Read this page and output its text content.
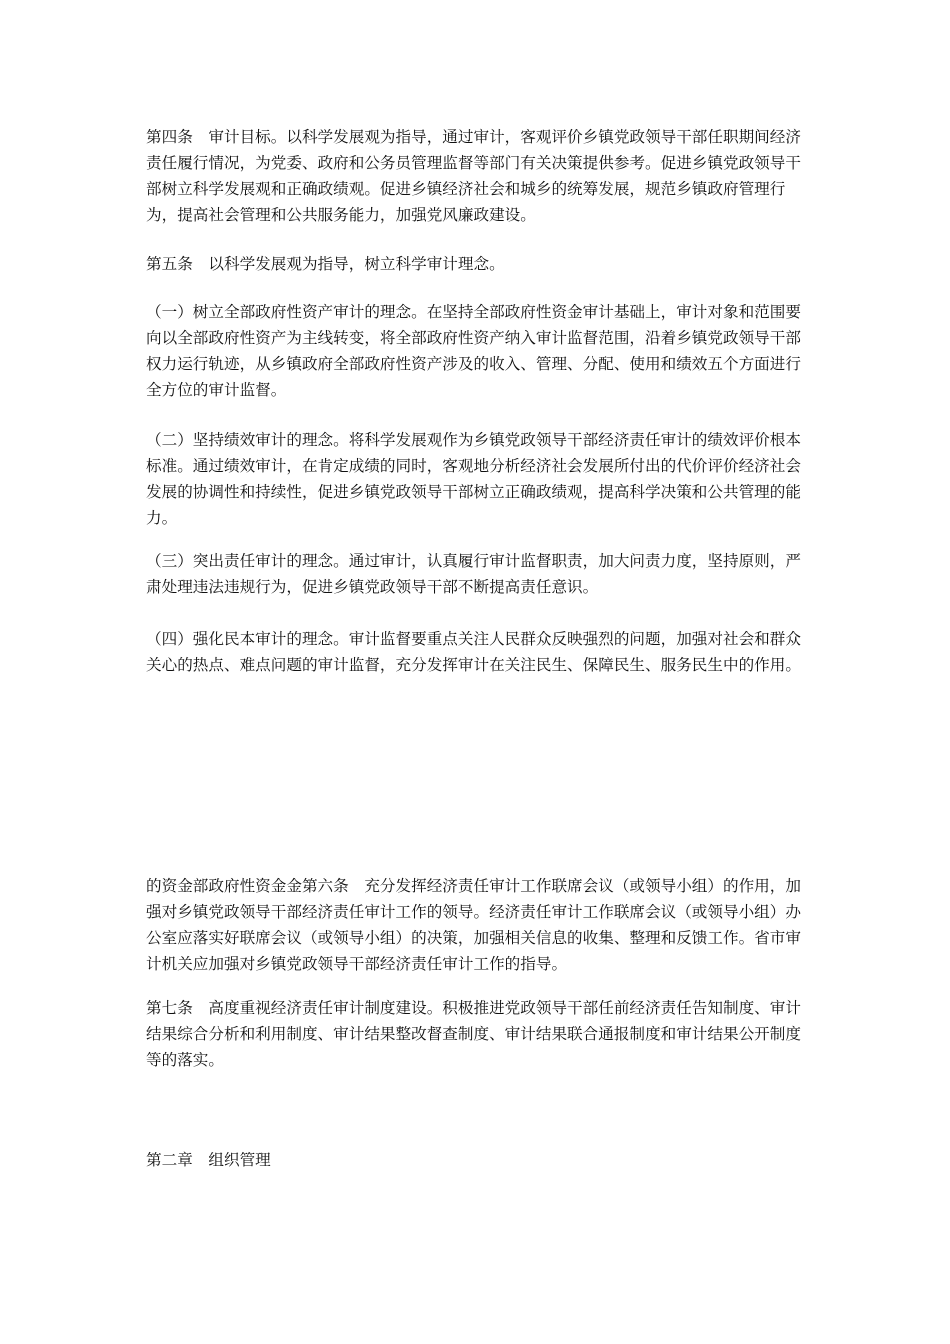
第四条　审计目标。以科学发展观为指导，通过审计，客观评价乡镇党政领导干部任职期间经济责任履行情况，为党委、政府和公务员管理监督等部门有关决策提供参考。促进乡镇党政领导干部树立科学发展观和正确政绩观。促进乡镇经济社会和城乡的统筹发展，规范乡镇政府管理行为，提高社会管理和公共服务能力，加强党风廉政建设。

第五条　以科学发展观为指导，树立科学审计理念。

（一）树立全部政府性资产审计的理念。在坚持全部政府性资金审计基础上，审计对象和范围要向以全部政府性资产为主线转变，将全部政府性资产纳入审计监督范围，沿着乡镇党政领导干部权力运行轨迹，从乡镇政府全部政府性资产涉及的收入、管理、分配、使用和绩效五个方面进行全方位的审计监督。

（二）坚持绩效审计的理念。将科学发展观作为乡镇党政领导干部经济责任审计的绩效评价根本标准。通过绩效审计，在肯定成绩的同时，客观地分析经济社会发展所付出的代价评价经济社会发展的协调性和持续性，促进乡镇党政领导干部树立正确政绩观，提高科学决策和公共管理的能力。

（三）突出责任审计的理念。通过审计，认真履行审计监督职责，加大问责力度，坚持原则，严肃处理违法违规行为，促进乡镇党政领导干部不断提高责任意识。

（四）强化民本审计的理念。审计监督要重点关注人民群众反映强烈的问题，加强对社会和群众关心的热点、难点问题的审计监督，充分发挥审计在关注民生、保障民生、服务民生中的作用。

的资金部政府性资金金第六条　充分发挥经济责任审计工作联席会议（或领导小组）的作用，加强对乡镇党政领导干部经济责任审计工作的领导。经济责任审计工作联席会议（或领导小组）办公室应落实好联席会议（或领导小组）的决策，加强相关信息的收集、整理和反馈工作。省市审计机关应加强对乡镇党政领导干部经济责任审计工作的指导。

第七条　高度重视经济责任审计制度建设。积极推进党政领导干部任前经济责任告知制度、审计结果综合分析和利用制度、审计结果整改督查制度、审计结果联合通报制度和审计结果公开制度等的落实。

第二章　组织管理
